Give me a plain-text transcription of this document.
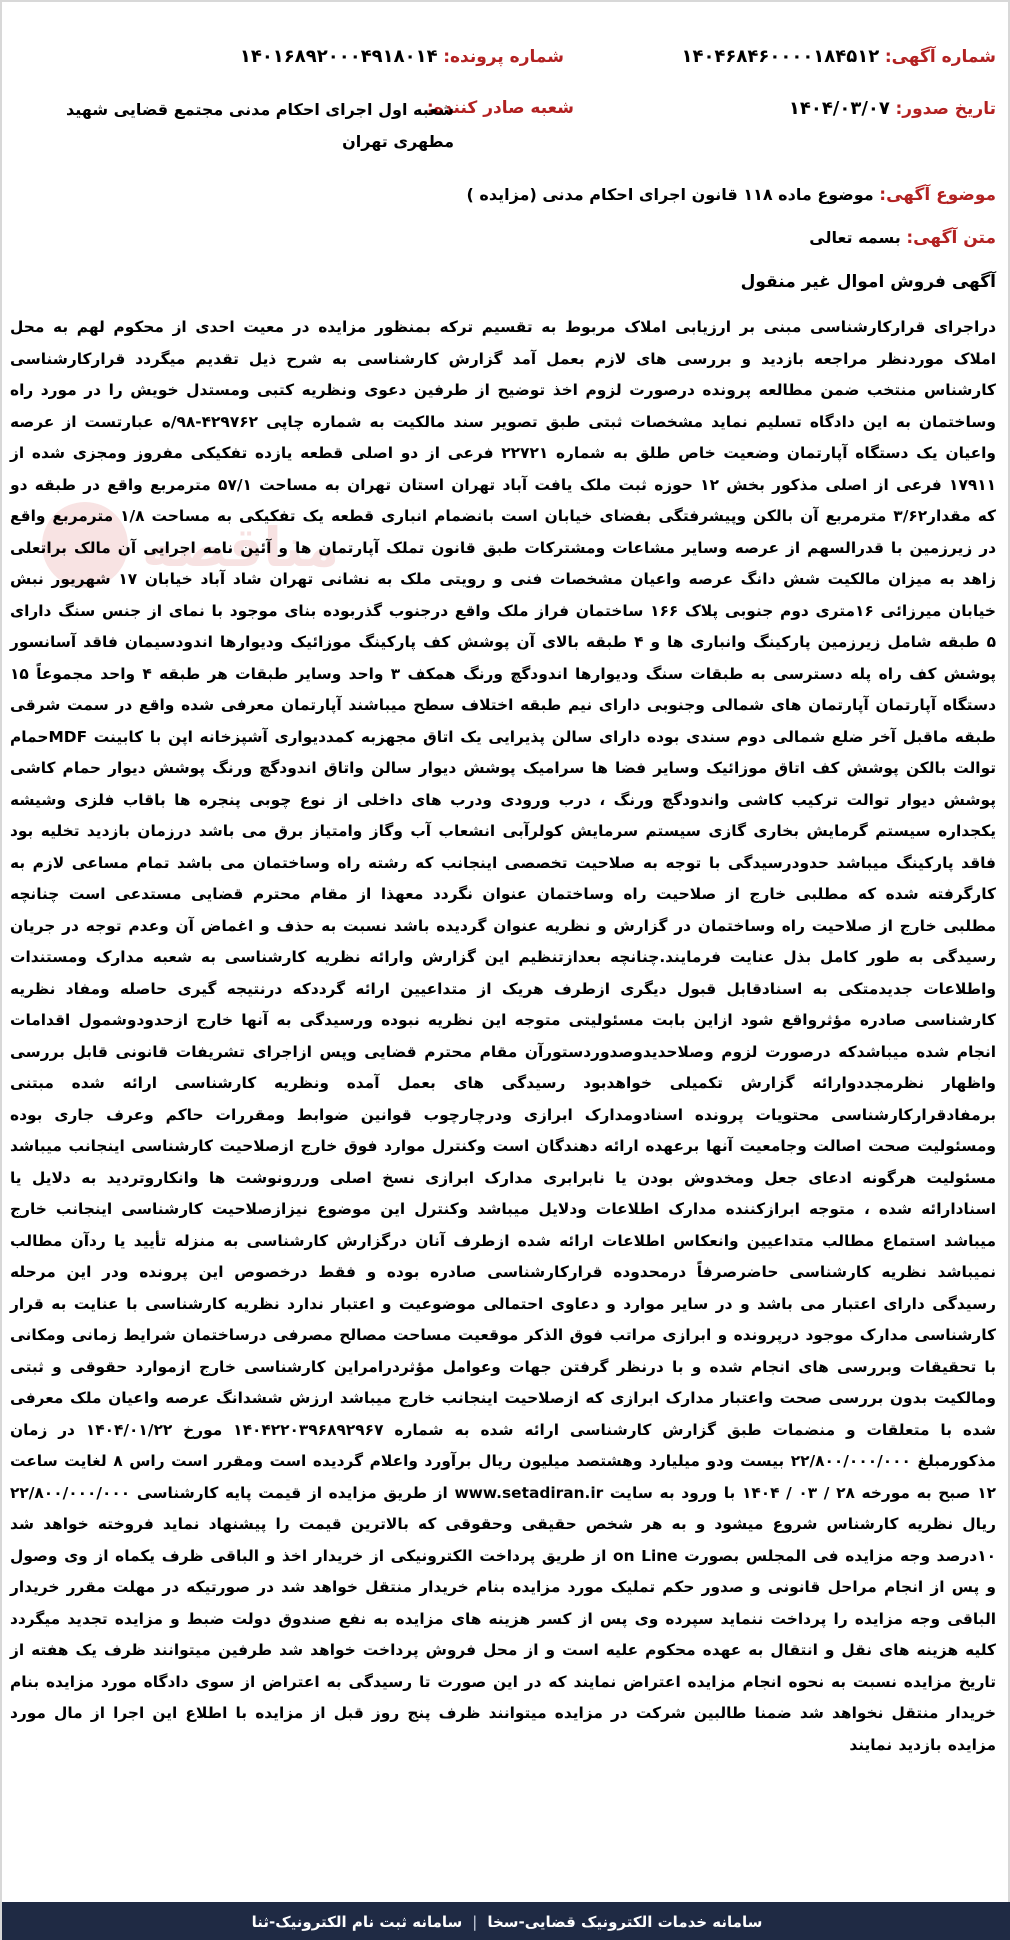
مناقصه
شماره آگهی: ۱۴۰۴۶۸۴۶۰۰۰۰۱۸۴۵۱۲
شماره پرونده: ۱۴۰۱۶۸۹۲۰۰۰۴۹۱۸۰۱۴
تاریخ صدور: ۱۴۰۴/۰۳/۰۷
شعبه صادر کننده:
شعبه اول اجرای احکام مدنی مجتمع قضایی شهید مطهری تهران
موضوع آگهی: موضوع ماده ۱۱۸ قانون اجرای احکام مدنی (مزایده )
متن آگهی: بسمه تعالی
آگهی فروش اموال غیر منقول
دراجرای قرارکارشناسی مبنی بر ارزیابی املاک مربوط به تقسیم ترکه بمنظور مزایده در معیت احدی از محکوم لهم به محل املاک مورد‌نظر مراجعه بازدید و بررسی های لازم بعمل آمد گزارش کارشناسی به شرح ذیل تقدیم میگردد قرارکارشناسی کارشناس منتخب ضمن مطالعه پرونده درصورت لزوم اخذ توضیح از طرفین دعوی ونظریه کتبی ومستدل خویش را در مورد راه وساختمان به این دادگاه تسلیم نماید مشخصات ثبتی طبق تصویر سند مالکیت به شماره چاپی ۴۲۹۷۶۲-۹۸/ه عبارتست از عرصه واعیان یک دستگاه آپارتمان وضعیت خاص طلق به شماره ۲۲۷۲۱ فرعی از دو اصلی قطعه یازده تفکیکی مفروز ومجزی شده از ۱۷۹۱۱ فرعی از اصلی مذکور بخش ۱۲ حوزه ثبت ملک یافت آباد تهران استان تهران به مساحت ۵۷/۱ مترمربع واقع در طبقه دو که مقدار۳/۶۲ مترمربع آن بالکن وپیشرفتگی بفضای خیابان است بانضمام انباری قطعه یک تفکیکی به مساحت ۱/۸ مترمربع واقع در زیرزمین با قدرالسهم از عرصه وسایر مشاعات ومشترکات طبق قانون تملک آپارتمان ها و آئین نامه اجرایی آن مالک براتعلی زاهد به میزان مالکیت شش دانگ عرصه واعیان مشخصات فنی و رویتی ملک به نشانی تهران شاد آباد خیابان ۱۷ شهریور نبش خیابان میرزائی ۱۶متری دوم جنوبی پلاک ۱۶۶ ساختمان فراز ملک واقع درجنوب گذربوده بنای موجود با نمای از جنس سنگ دارای ۵ طبقه شامل زیرزمین پارکینگ وانباری ها و ۴ طبقه بالای آن پوشش کف پارکینگ موزائیک ودیوارها اندودسیمان فاقد آسانسور پوشش کف راه پله دسترسی به طبقات سنگ ودیوارها اندودگچ ورنگ همکف ۳ واحد وسایر طبقات هر طبقه ۴ واحد مجموعاً ۱۵ دستگاه آپارتمان آپارتمان های شمالی وجنوبی دارای نیم طبقه اختلاف سطح میباشند آپارتمان معرفی شده واقع در سمت شرقی طبقه ماقبل آخر ضلع شمالی دوم سندی بوده دارای سالن پذیرایی یک اتاق مجهزبه کمددیواری آشپزخانه اپن با کابینت MDFحمام توالت بالکن پوشش کف اتاق موزائیک وسایر فضا ها سرامیک پوشش دیوار سالن واتاق اندودگچ ورنگ پوشش دیوار حمام کاشی پوشش دیوار توالت ترکیب کاشی واندودگچ ورنگ ، درب ورودی ودرب های داخلی از نوع چوبی پنجره ها باقاب فلزی وشیشه یکجداره سیستم گرمایش بخاری گازی سیستم سرمایش کولرآبی انشعاب آب وگاز وامتیاز برق می باشد درزمان بازدید تخلیه بود فاقد پارکینگ میباشد حدودرسیدگی با توجه به صلاحیت تخصصی اینجانب که رشته راه وساختمان می باشد تمام مساعی لازم به کارگرفته شده که مطلبی خارج از صلاحیت راه وساختمان عنوان نگردد معهذا از مقام محترم قضایی مستدعی است چنانچه مطلبی خارج از صلاحیت راه وساختمان در گزارش و نظریه عنوان گردیده باشد نسبت به حذف و اغماض آن وعدم توجه در جریان رسیدگی به طور کامل بذل عنایت فرمایند.چنانچه بعدازتنظیم این گزارش وارائه نظریه کارشناسی به شعبه مدارک ومستندات واطلاعات جدیدمتکی به اسنادقابل قبول دیگری ازطرف هریک از متداعیین ارائه گرددکه درنتیجه گیری حاصله ومفاد نظریه کارشناسی صادره مؤثرواقع شود ازاین بابت مسئولیتی متوجه این نظریه نبوده ورسیدگی به آنها خارج ازحدودوشمول اقدامات انجام شده میباشدکه درصورت لزوم وصلاحدیدوصدوردستورآن مقام محترم قضایی وپس ازاجرای تشریفات قانونی قابل بررسی واظهار نظرمجددوارائه گزارش تکمیلی خواهدبود رسیدگی های بعمل آمده ونظریه کارشناسی ارائه شده مبتنی برمفادقرارکارشناسی محتویات پرونده اسنادومدارک ابرازی ودرچارچوب قوانین ضوابط ومقررات حاکم وعرف جاری بوده ومسئولیت صحت اصالت وجامعیت آنها برعهده ارائه دهندگان است وکنترل موارد فوق خارج ازصلاحیت کارشناسی اینجانب میباشد مسئولیت هرگونه ادعای جعل ومخدوش بودن یا نابرابری مدارک ابرازی نسخ اصلی وررونوشت ها وانکاروتردید به دلایل یا اسنادارائه شده ، متوجه ابرازکننده مدارک اطلاعات ودلایل میباشد وکنترل این موضوع نیزازصلاحیت کارشناسی اینجانب خارج میباشد استماع مطالب متداعیین وانعکاس اطلاعات ارائه شده ازطرف آنان درگزارش کارشناسی به منزله تأیید یا ردآن مطالب نمیباشد نظریه کارشناسی حاضرصرفاً درمحدوده قرارکارشناسی صادره بوده و فقط درخصوص این پرونده ودر این مرحله رسیدگی دارای اعتبار می باشد و در سایر موارد و دعاوی احتمالی موضوعیت و اعتبار ندارد نظریه کارشناسی با عنایت به قرار کارشناسی مدارک موجود درپرونده و ابرازی مراتب فوق الذکر موقعیت مساحت مصالح مصرفی درساختمان شرایط زمانی ومکانی با تحقیقات وبررسی های انجام شده و با درنظر گرفتن جهات وعوامل مؤثردرامراین کارشناسی خارج ازموارد حقوقی و ثبتی ومالکیت بدون بررسی صحت واعتبار مدارک ابرازی که ازصلاحیت اینجانب خارج میباشد ارزش ششدانگ عرصه واعیان ملک معرفی شده با متعلقات و منضمات طبق گزارش کارشناسی ارائه شده به شماره ۱۴۰۴۲۲۰۳۹۶۸۹۲۹۶۷ مورخ ۱۴۰۴/۰۱/۲۲ در زمان مذکورمبلغ ۲۲/۸۰۰/۰۰۰/۰۰۰ بیست ودو میلیارد وهشتصد میلیون ریال برآورد واعلام گردیده است ومقرر است راس ۸ لغایت ساعت ۱۲ صبح به مورخه ۲۸ / ۰۳ / ۱۴۰۴ با ورود به سایت www.setadiran.ir از طریق مزایده از قیمت پایه کارشناسی ۲۲/۸۰۰/۰۰۰/۰۰۰ ریال نظریه کارشناس شروع میشود و به هر شخص حقیقی وحقوقی که بالاترین قیمت را پیشنهاد نماید فروخته خواهد شد ۱۰درصد وجه مزایده فی المجلس بصورت on Line از طریق پرداخت الکترونیکی از خریدار اخذ و الباقی ظرف یکماه از وی وصول و پس از انجام مراحل قانونی و صدور حکم تملیک مورد مزایده بنام خریدار منتقل خواهد شد در صورتیکه در مهلت مقرر خریدار الباقی وجه مزایده را پرداخت ننماید سپرده وی پس از کسر هزینه های مزایده به نفع صندوق دولت ضبط و مزایده تجدید میگردد کلیه هزینه های نقل و انتقال به عهده محکوم علیه است و از محل فروش پرداخت خواهد شد طرفین میتوانند ظرف یک هفته از تاریخ مزایده نسبت به نحوه انجام مزایده اعتراض نمایند که در این صورت تا رسیدگی به اعتراض از سوی دادگاه مورد مزایده بنام خریدار منتقل نخواهد شد ضمنا طالبین شرکت در مزایده میتوانند ظرف پنج روز قبل از مزایده با اطلاع این اجرا از مال مورد مزایده بازدید نمایند
سامانه خدمات الکترونیک قضایی-سخا
|
سامانه ثبت نام الکترونیک-ثنا
